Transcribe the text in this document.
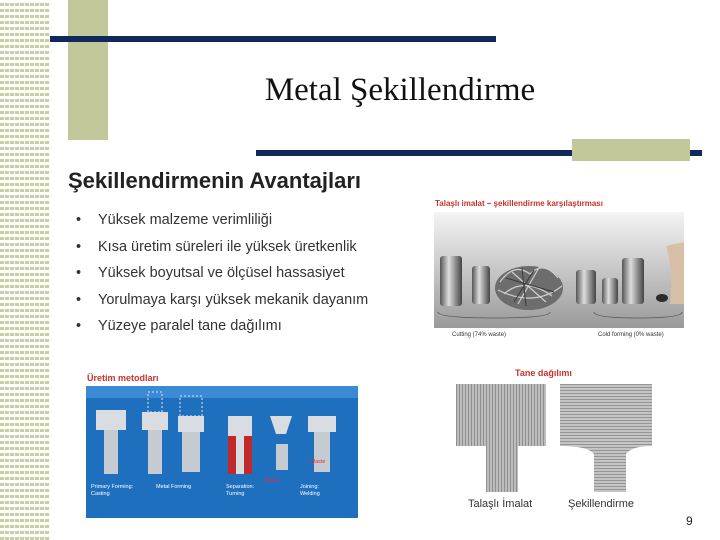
Metal Şekillendirme
Şekillendirmenin Avantajları
• Yüksek malzeme verimliliği
• Kısa üretim süreleri ile yüksek üretkenlik
• Yüksek boyutsal ve ölçüsel hassasiyet
• Yorulmaya karşı yüksek mekanik dayanım
• Yüzeye paralel tane dağılımı
Talaşlı imalat – şekillendirme karşılaştırması
Cutting (74% waste)	Cold forming (0% waste)
Üretim metodları
Waste
Waste
Primary Forming: Casting
Metal Forming	Separation: Turning
Joining: Welding
Tane dağılımı
Talaşlı İmalat	Şekillendirme
9
